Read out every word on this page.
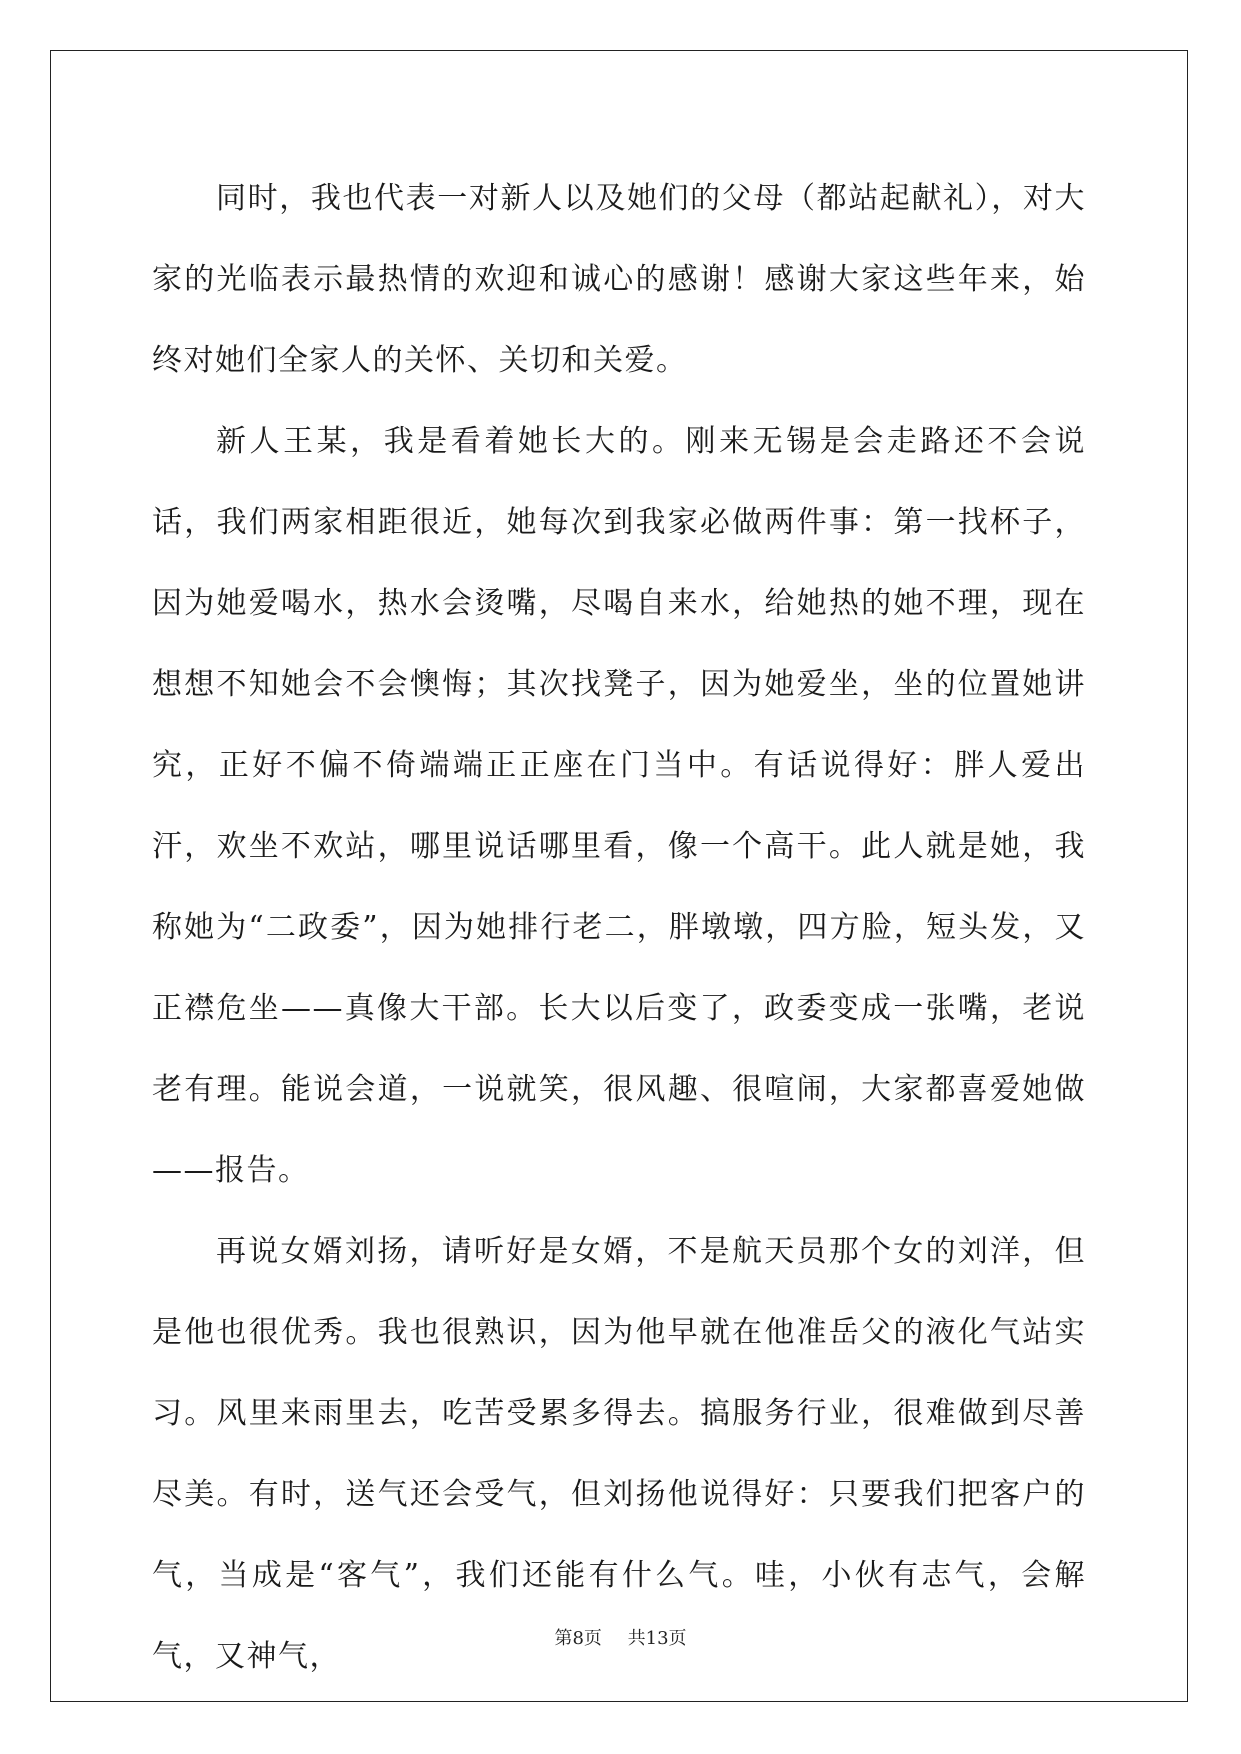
同时，我也代表一对新人以及她们的父母（都站起献礼），对大家的光临表示最热情的欢迎和诚心的感谢！感谢大家这些年来，始终对她们全家人的关怀、关切和关爱。

新人王某，我是看着她长大的。刚来无锡是会走路还不会说话，我们两家相距很近，她每次到我家必做两件事：第一找杯子，因为她爱喝水，热水会烫嘴，尽喝自来水，给她热的她不理，现在想想不知她会不会懊悔；其次找凳子，因为她爱坐，坐的位置她讲究，正好不偏不倚端端正正座在门当中。有话说得好：胖人爱出汗，欢坐不欢站，哪里说话哪里看，像一个高干。此人就是她，我称她为“二政委”，因为她排行老二，胖墩墩，四方脸，短头发，又正襟危坐——真像大干部。长大以后变了，政委变成一张嘴，老说老有理。能说会道，一说就笑，很风趣、很喧闹，大家都喜爱她做——报告。

再说女婿刘扬，请听好是女婿，不是航天员那个女的刘洋，但是他也很优秀。我也很熟识，因为他早就在他准岳父的液化气站实习。风里来雨里去，吃苦受累多得去。搞服务行业，很难做到尽善尽美。有时，送气还会受气，但刘扬他说得好：只要我们把客户的气，当成是“客气”，我们还能有什么气。哇，小伙有志气，会解气，又神气，

第8页 共13页
